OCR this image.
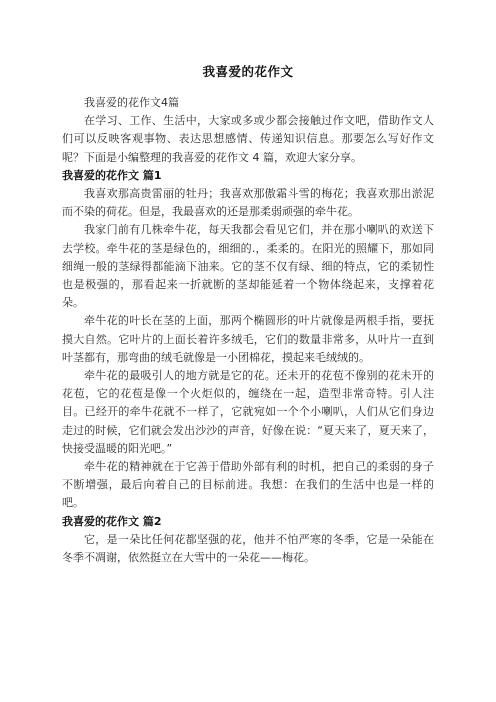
我喜爱的花作文

我喜爱的花作文4篇

在学习、工作、生活中，大家或多或少都会接触过作文吧，借助作文人们可以反映客观事物、表达思想感情、传递知识信息。那要怎么写好作文呢？下面是小编整理的我喜爱的花作文 4 篇，欢迎大家分享。

我喜爱的花作文 篇1

我喜欢那高贵雷丽的牡丹；我喜欢那傲霜斗雪的梅花；我喜欢那出淤泥而不染的荷花。但是，我最喜欢的还是那柔弱顽强的牵牛花。

我家门前有几株牵牛花，每天我都会看见它们，并在那小喇叭的欢送下去学校。牵牛花的茎是绿色的，细细的.，柔柔的。在阳光的照耀下，那如同细绳一般的茎绿得都能滴下油来。它的茎不仅有绿、细的特点，它的柔韧性也是极强的，那看起来一折就断的茎却能延着一个物体绕起来，支撑着花朵。

牵牛花的叶长在茎的上面，那两个椭圆形的叶片就像是两根手指，要抚摸大自然。它叶片的上面长着许多绒毛，它们的数量非常多，从叶片一直到叶茎都有，那弯曲的绒毛就像是一小团棉花，摸起来毛绒绒的。

牵牛花的最吸引人的地方就是它的花。还未开的花苞不像别的花未开的花苞，它的花苞是像一个火炬似的，缠绕在一起，造型非常奇特。引人注目。已经开的牵牛花就不一样了，它就宛如一个个小喇叭，人们从它们身边走过的时候，它们就会发出沙沙的声音，好像在说：“夏天来了，夏天来了，快接受温暖的阳光吧。”

牵牛花的精神就在于它善于借助外部有利的时机，把自己的柔弱的身子不断增强，最后向着自己的目标前进。我想：在我们的生活中也是一样的吧。

我喜爱的花作文 篇2

它，是一朵比任何花都坚强的花，他并不怕严寒的冬季，它是一朵能在冬季不凋谢，依然挺立在大雪中的一朵花——梅花。
